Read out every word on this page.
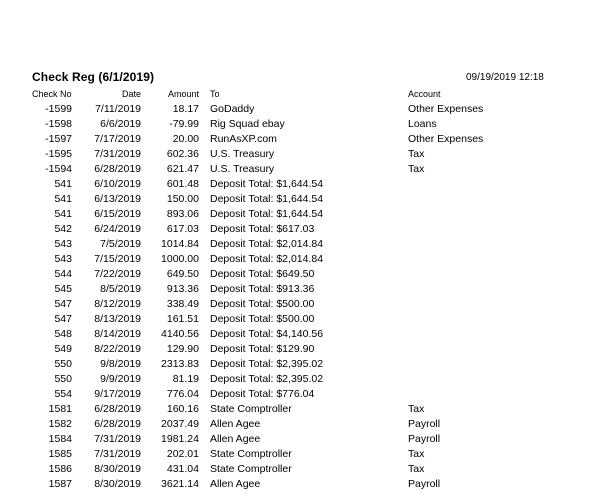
Check Reg (6/1/2019)	09/19/2019 12:18
Check No	Date	Amount To	Account
-1599 7/11/2019	18.17 GoDaddy	Other Expenses
-1598	6/6/2019	-79.99 Rig Squad ebay	Loans
-1597 7/17/2019	20.00 RunAsXP.com	Other Expenses
-1595 7/31/2019 602.36 U.S. Treasury	Tax
-1594 6/28/2019 621.47 U.S. Treasury	Tax
541 6/10/2019 601.48 Deposit Total: $1,644.54
541 6/13/2019 150.00 Deposit Total: $1,644.54
541 6/15/2019 893.06 Deposit Total: $1,644.54
542 6/24/2019 617.03 Deposit Total: $617.03
543	7/5/2019 1014.84 Deposit Total: $2,014.84
543 7/15/2019 1000.00 Deposit Total: $2,014.84
544 7/22/2019 649.50 Deposit Total: $649.50
545	8/5/2019 913.36 Deposit Total: $913.36
547 8/12/2019 338.49 Deposit Total: $500.00
547 8/13/2019 161.51 Deposit Total: $500.00
548 8/14/2019 4140.56 Deposit Total: $4,140.56
549 8/22/2019 129.90 Deposit Total: $129.90
550	9/8/2019 2313.83 Deposit Total: $2,395.02
550	9/9/2019	81.19 Deposit Total: $2,395.02
554 9/17/2019 776.04 Deposit Total: $776.04
1581 6/28/2019 160.16 State Comptroller	Tax
1582 6/28/2019 2037.49 Allen Agee	Payroll
1584 7/31/2019 1981.24 Allen Agee	Payroll
1585 7/31/2019 202.01 State Comptroller	Tax
1586 8/30/2019 431.04 State Comptroller	Tax
1587 8/30/2019 3621.14 Allen Agee	Payroll
